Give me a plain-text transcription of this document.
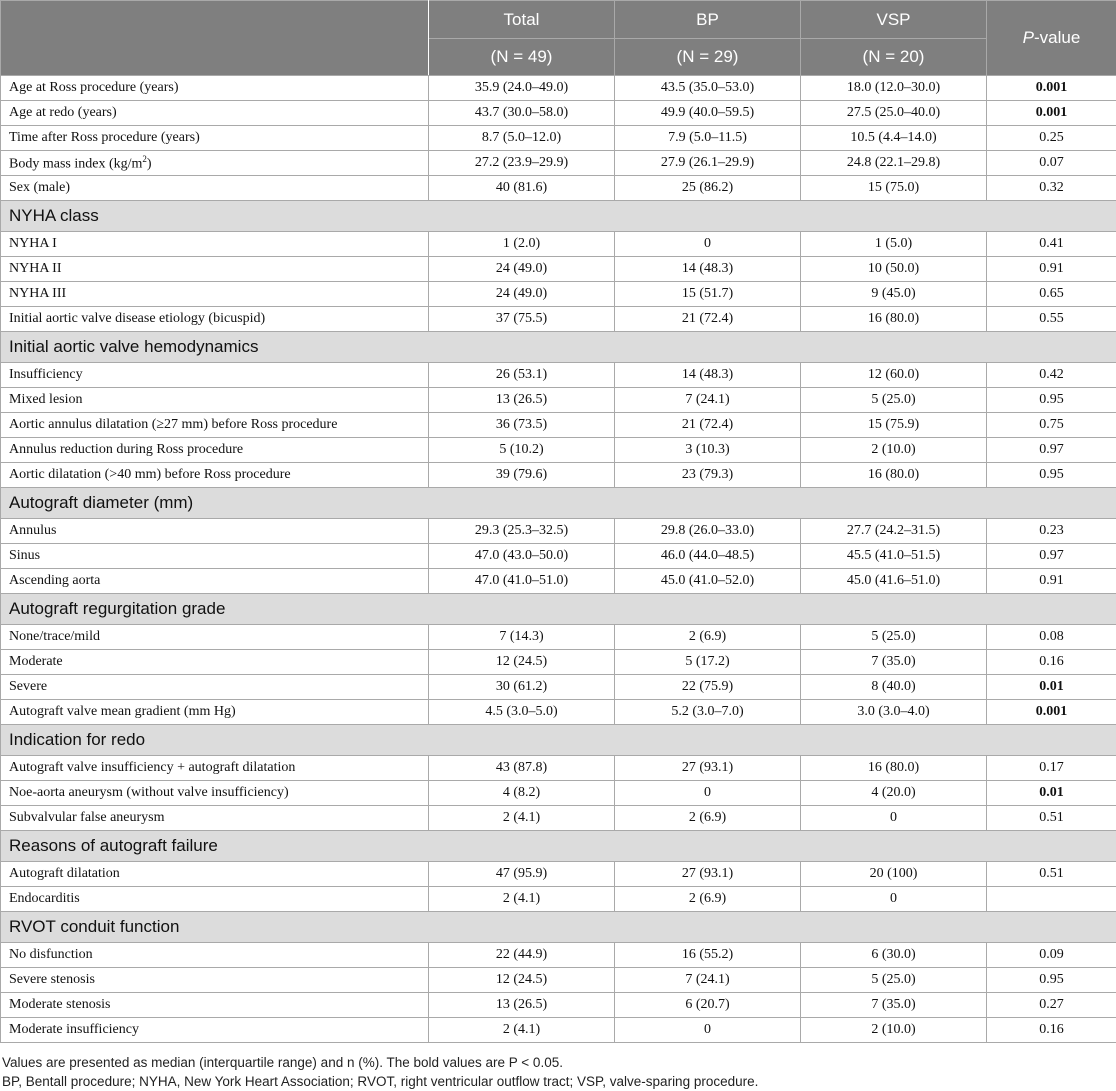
	Total	BP	VSP	P-value
	(N = 49)	(N = 29)	(N = 20)	
Age at Ross procedure (years)	35.9 (24.0–49.0)	43.5 (35.0–53.0)	18.0 (12.0–30.0)	0.001
Age at redo (years)	43.7 (30.0–58.0)	49.9 (40.0–59.5)	27.5 (25.0–40.0)	0.001
Time after Ross procedure (years)	8.7 (5.0–12.0)	7.9 (5.0–11.5)	10.5 (4.4–14.0)	0.25
Body mass index $(kg/m^2)$	27.2 (23.9–29.9)	27.9 (26.1–29.9)	24.8 (22.1–29.8)	0.07
Sex (male)	40 (81.6)	25 (86.2)	15 (75.0)	0.32
NYHA class				
NYHA I	1 (2.0)	0	1 (5.0)	0.41
NYHA II	24 (49.0)	14 (48.3)	10 (50.0)	0.91
NYHA III	24 (49.0)	15 (51.7)	9 (45.0)	0.65
Initial aortic valve disease etiology (bicuspid)	37 (75.5)	21 (72.4)	16 (80.0)	0.55
Initial aortic valve hemodynamics				
Insufficiency	26 (53.1)	14 (48.3)	12 (60.0)	0.42
Mixed lesion	13 (26.5)	7 (24.1)	5 (25.0)	0.95
Aortic annulus dilatation (≥27 mm) before Ross procedure	36 (73.5)	21 (72.4)	15 (75.9)	0.75
Annulus reduction during Ross procedure	5 (10.2)	3 (10.3)	2 (10.0)	0.97
Aortic dilatation (>40 mm) before Ross procedure	39 (79.6)	23 (79.3)	16 (80.0)	0.95
Autograft diameter (mm)				
Annulus	29.3 (25.3–32.5)	29.8 (26.0–33.0)	27.7 (24.2–31.5)	0.23
Sinus	47.0 (43.0–50.0)	46.0 (44.0–48.5)	45.5 (41.0–51.5)	0.97
Ascending aorta	47.0 (41.0–51.0)	45.0 (41.0–52.0)	45.0 (41.6–51.0)	0.91
Autograft regurgitation grade				
None/trace/mild	7 (14.3)	2 (6.9)	5 (25.0)	0.08
Moderate	12 (24.5)	5 (17.2)	7 (35.0)	0.16
Severe	30 (61.2)	22 (75.9)	8 (40.0)	0.01
Autograft valve mean gradient (mm Hg)	4.5 (3.0–5.0)	5.2 (3.0–7.0)	3.0 (3.0–4.0)	0.001
Indication for redo				
Autograft valve insufficiency + autograft dilatation	43 (87.8)	27 (93.1)	16 (80.0)	0.17
Noe-aorta aneurysm (without valve insufficiency)	4 (8.2)	0	4 (20.0)	0.01
Subvalvular false aneurysm	2 (4.1)	2 (6.9)	0	0.51
Reasons of autograft failure				
Autograft dilatation	47 (95.9)	27 (93.1)	20 (100)	0.51
Endocarditis	2 (4.1)	2 (6.9)	0	
RVOT conduit function				
No disfunction	22 (44.9)	16 (55.2)	6 (30.0)	0.09
Severe stenosis	12 (24.5)	7 (24.1)	5 (25.0)	0.95
Moderate stenosis	13 (26.5)	6 (20.7)	7 (35.0)	0.27
Moderate insufficiency	2 (4.1)	0	2 (10.0)	0.16

Values are presented as median (interquartile range) and n (%). The bold values are P < 0.05.

BP, Bentall procedure; NYHA, New York Heart Association; RVOT, right ventricular outflow tract; VSP, valve-sparing procedure.
